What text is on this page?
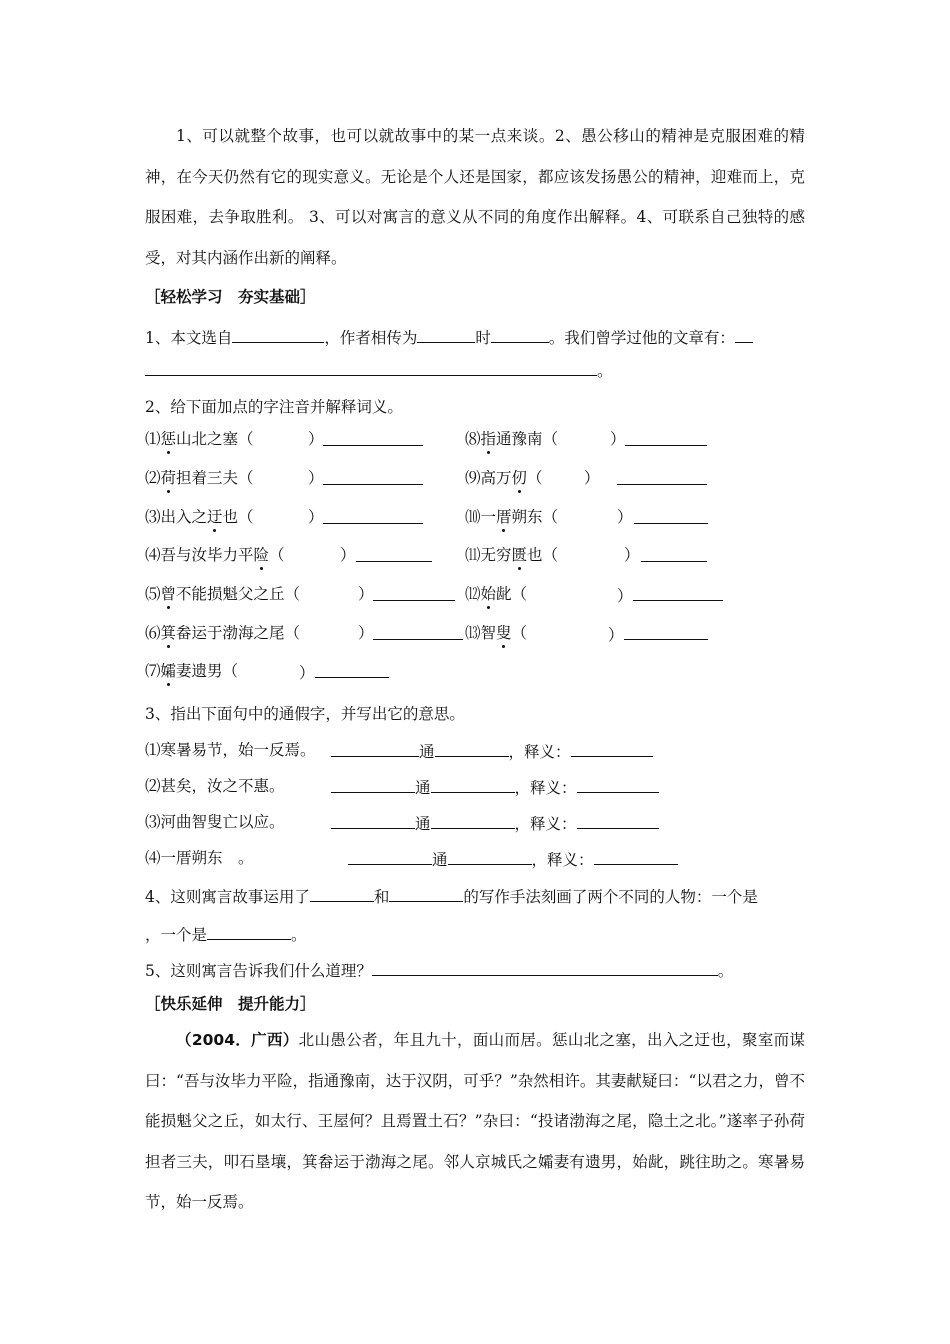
1、可以就整个故事，也可以就故事中的某一点来谈。2、愚公移山的精神是克服困难的精神，在今天仍然有它的现实意义。无论是个人还是国家，都应该发扬愚公的精神，迎难而上，克服困难，去争取胜利。 3、可以对寓言的意义从不同的角度作出解释。4、可联系自己独特的感受，对其内涵作出新的阐释。
［轻松学习　夯实基础］
1、本文选自	，作者相传为	时	。我们曾学过他的文章有：
。
2、给下面加点的字注音并解释词义。
⑴惩山北之塞（	）
⑵荷担着三夫（	）
⑶出入之迂也（	）
⑷吾与汝毕力平险（	）
⑸曾不能损魁父之丘（	）
⑹箕畚运于渤海之尾（	）
⑺孀妻遗男（	）
⑻指通豫南（	）
⑼高万仞（	）
⑽一厝朔东（	）
⑾无穷匮也（	）
⑿始龀（	）
⒀智叟（	）
3、指出下面句中的通假字，并写出它的意思。
⑴寒暑易节，始一反焉。	通	，释义：
⑵甚矣，汝之不惠。	通	，释义：
⑶河曲智叟亡以应。	通	，释义：
⑷一厝朔东　。	通	，释义：
4、这则寓言故事运用了	和	的写作手法刻画了两个不同的人物：一个是
，一个是	。
5、这则寓言告诉我们什么道理？	。
［快乐延伸　提升能力］
（2004．广西）北山愚公者，年且九十，面山而居。惩山北之塞，出入之迂也，聚室而谋曰：“吾与汝毕力平险，指通豫南，达于汉阴，可乎？”杂然相许。其妻献疑曰：“以君之力，曾不能损魁父之丘，如太行、王屋何？且焉置土石？”杂曰：“投诸渤海之尾，隐土之北。”遂率子孙荷担者三夫，叩石垦壤，箕畚运于渤海之尾。邻人京城氏之孀妻有遗男，始龀，跳往助之。寒暑易节，始一反焉。
